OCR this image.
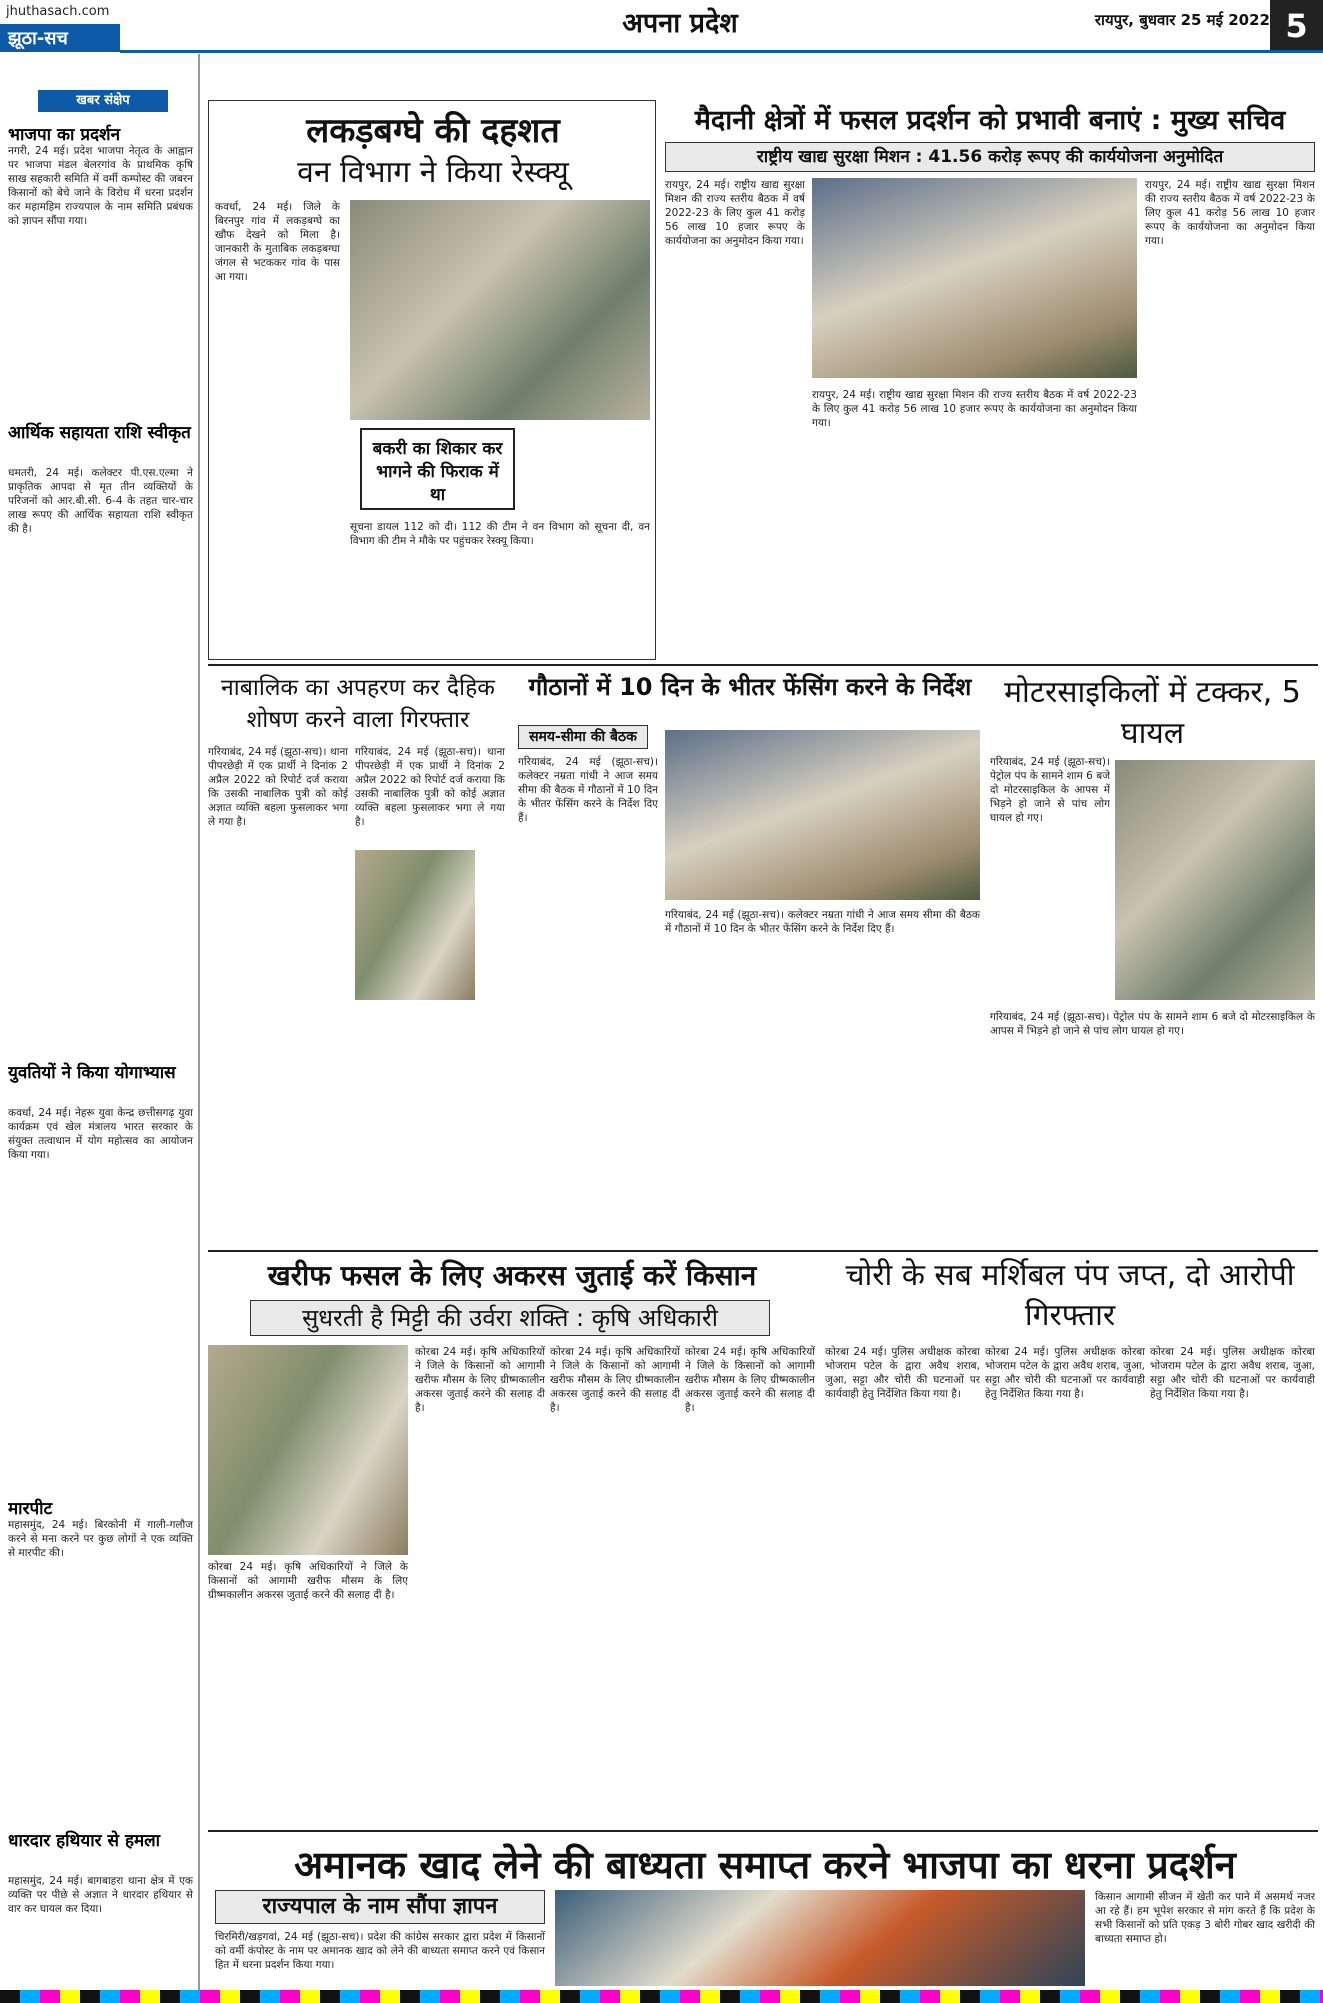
jhuthasach.com
झूठा-सच	अपना प्रदेश	रायपुर, बुधवार 25 मई 2022 5
खबर संक्षेप
भाजपा का प्रदर्शन
नगरी, 24 मई। प्रदेश भाजपा नेतृत्व के आह्वान पर भाजपा मंडल बेलरगांव के प्राथमिक कृषि साख सहकारी समिति में वर्मी कम्पोस्ट की जबरन किसानों को बेचे जाने के विरोध में धरना प्रदर्शन कर महामहिम राज्यपाल के नाम समिति प्रबंधक को ज्ञापन सौंपा गया।
आर्थिक सहायता राशि स्वीकृत
धमतरी, 24 मई। कलेक्टर पी.एस.एल्मा ने प्राकृतिक आपदा से मृत तीन व्यक्तियों के परिजनों को आर.बी.सी. 6-4 के तहत चार-चार लाख रूपए की आर्थिक सहायता राशि स्वीकृत की है।
युवतियों ने किया योगाभ्यास
कवर्धा, 24 मई। नेहरू युवा केन्द्र छत्तीसगढ़ युवा कार्यक्रम एवं खेल मंत्रालय भारत सरकार के संयुक्त तत्वाधान में योग महोत्सव का आयोजन किया गया।
मारपीट
महासमुंद, 24 मई। बिरकोनी में गाली-गलौज करने से मना करने पर कुछ लोगों ने एक व्यक्ति से मारपीट की।
धारदार हथियार से हमला
महासमुंद, 24 मई। बागबाहरा थाना क्षेत्र में एक व्यक्ति पर पीछे से अज्ञात ने धारदार हथियार से वार कर घायल कर दिया।
लकड़बग्घे की दहशत
वन विभाग ने किया रेस्क्यू
कवर्धा, 24 मई। जिले के बिरनपुर गांव में लकड़बग्घे का खौफ देखने को मिला है। जानकारी के मुताबिक लकड़बग्घा जंगल से भटककर गांव के पास आ गया।
बकरी का शिकार कर भागने की फिराक में था
सूचना डायल 112 को दी। 112 की टीम ने वन विभाग को सूचना दी, वन विभाग की टीम ने मौके पर पहुंचकर रेस्क्यू किया।
मैदानी क्षेत्रों में फसल प्रदर्शन को प्रभावी बनाएं : मुख्य सचिव
राष्ट्रीय खाद्य सुरक्षा मिशन : 41.56 करोड़ रूपए की कार्ययोजना अनुमोदित
रायपुर, 24 मई। राष्ट्रीय खाद्य सुरक्षा मिशन की राज्य स्तरीय बैठक में वर्ष 2022-23 के लिए कुल 41 करोड़ 56 लाख 10 हजार रूपए के कार्ययोजना का अनुमोदन किया गया।
रायपुर, 24 मई। राष्ट्रीय खाद्य सुरक्षा मिशन की राज्य स्तरीय बैठक में वर्ष 2022-23 के लिए कुल 41 करोड़ 56 लाख 10 हजार रूपए के कार्ययोजना का अनुमोदन किया गया।
रायपुर, 24 मई। राष्ट्रीय खाद्य सुरक्षा मिशन की राज्य स्तरीय बैठक में वर्ष 2022-23 के लिए कुल 41 करोड़ 56 लाख 10 हजार रूपए के कार्ययोजना का अनुमोदन किया गया।
नाबालिक का अपहरण कर दैहिक शोषण करने वाला गिरफ्तार
गरियाबंद, 24 मई (झूठा-सच)। थाना पीपरछेड़ी में एक प्रार्थी ने दिनांक 2 अप्रैल 2022 को रिपोर्ट दर्ज कराया कि उसकी नाबालिक पुत्री को कोई अज्ञात व्यक्ति बहला फुसलाकर भगा ले गया है।
गरियाबंद, 24 मई (झूठा-सच)। थाना पीपरछेड़ी में एक प्रार्थी ने दिनांक 2 अप्रैल 2022 को रिपोर्ट दर्ज कराया कि उसकी नाबालिक पुत्री को कोई अज्ञात व्यक्ति बहला फुसलाकर भगा ले गया है।
गौठानों में 10 दिन के भीतर फेंसिंग करने के निर्देश
समय-सीमा की बैठक
गरियाबंद, 24 मई (झूठा-सच)। कलेक्टर नम्रता गांधी ने आज समय सीमा की बैठक में गौठानों में 10 दिन के भीतर फेंसिंग करने के निर्देश दिए हैं।
गरियाबंद, 24 मई (झूठा-सच)। कलेक्टर नम्रता गांधी ने आज समय सीमा की बैठक में गौठानों में 10 दिन के भीतर फेंसिंग करने के निर्देश दिए हैं।
मोटरसाइकिलों में टक्कर, 5 घायल
गरियाबंद, 24 मई (झूठा-सच)। पेट्रोल पंप के सामने शाम 6 बजे दो मोटरसाइकिल के आपस में भिड़ने हो जाने से पांच लोग घायल हो गए।
गरियाबंद, 24 मई (झूठा-सच)। पेट्रोल पंप के सामने शाम 6 बजे दो मोटरसाइकिल के आपस में भिड़ने हो जाने से पांच लोग घायल हो गए।
खरीफ फसल के लिए अकरस जुताई करें किसान
सुधरती है मिट्टी की उर्वरा शक्ति : कृषि अधिकारी
कोरबा 24 मई। कृषि अधिकारियों ने जिले के किसानों को आगामी खरीफ मौसम के लिए ग्रीष्मकालीन अकरस जुताई करने की सलाह दी है।
कोरबा 24 मई। कृषि अधिकारियों ने जिले के किसानों को आगामी खरीफ मौसम के लिए ग्रीष्मकालीन अकरस जुताई करने की सलाह दी है।
कोरबा 24 मई। कृषि अधिकारियों ने जिले के किसानों को आगामी खरीफ मौसम के लिए ग्रीष्मकालीन अकरस जुताई करने की सलाह दी है।
कोरबा 24 मई। कृषि अधिकारियों ने जिले के किसानों को आगामी खरीफ मौसम के लिए ग्रीष्मकालीन अकरस जुताई करने की सलाह दी है।
चोरी के सब मर्शिबल पंप जप्त, दो आरोपी गिरफ्तार
कोरबा 24 मई। पुलिस अधीक्षक कोरबा भोजराम पटेल के द्वारा अवैध शराब, जुआ, सट्टा और चोरी की घटनाओं पर कार्यवाही हेतु निर्देशित किया गया है।
कोरबा 24 मई। पुलिस अधीक्षक कोरबा भोजराम पटेल के द्वारा अवैध शराब, जुआ, सट्टा और चोरी की घटनाओं पर कार्यवाही हेतु निर्देशित किया गया है।
कोरबा 24 मई। पुलिस अधीक्षक कोरबा भोजराम पटेल के द्वारा अवैध शराब, जुआ, सट्टा और चोरी की घटनाओं पर कार्यवाही हेतु निर्देशित किया गया है।
अमानक खाद लेने की बाध्यता समाप्त करने भाजपा का धरना प्रदर्शन
राज्यपाल के नाम सौंपा ज्ञापन
चिरमिरी/खड़गवां, 24 मई (झूठा-सच)। प्रदेश की कांग्रेस सरकार द्वारा प्रदेश में किसानों को वर्मी कंपोस्ट के नाम पर अमानक खाद को लेने की बाध्यता समाप्त करने एवं किसान हित में धरना प्रदर्शन किया गया।
किसान आगामी सीजन में खेती कर पाने में असमर्थ नजर आ रहे हैं। हम भूपेश सरकार से मांग करते हैं कि प्रदेश के सभी किसानों को प्रति एकड़ 3 बोरी गोबर खाद खरीदी की बाध्यता समाप्त हो।
